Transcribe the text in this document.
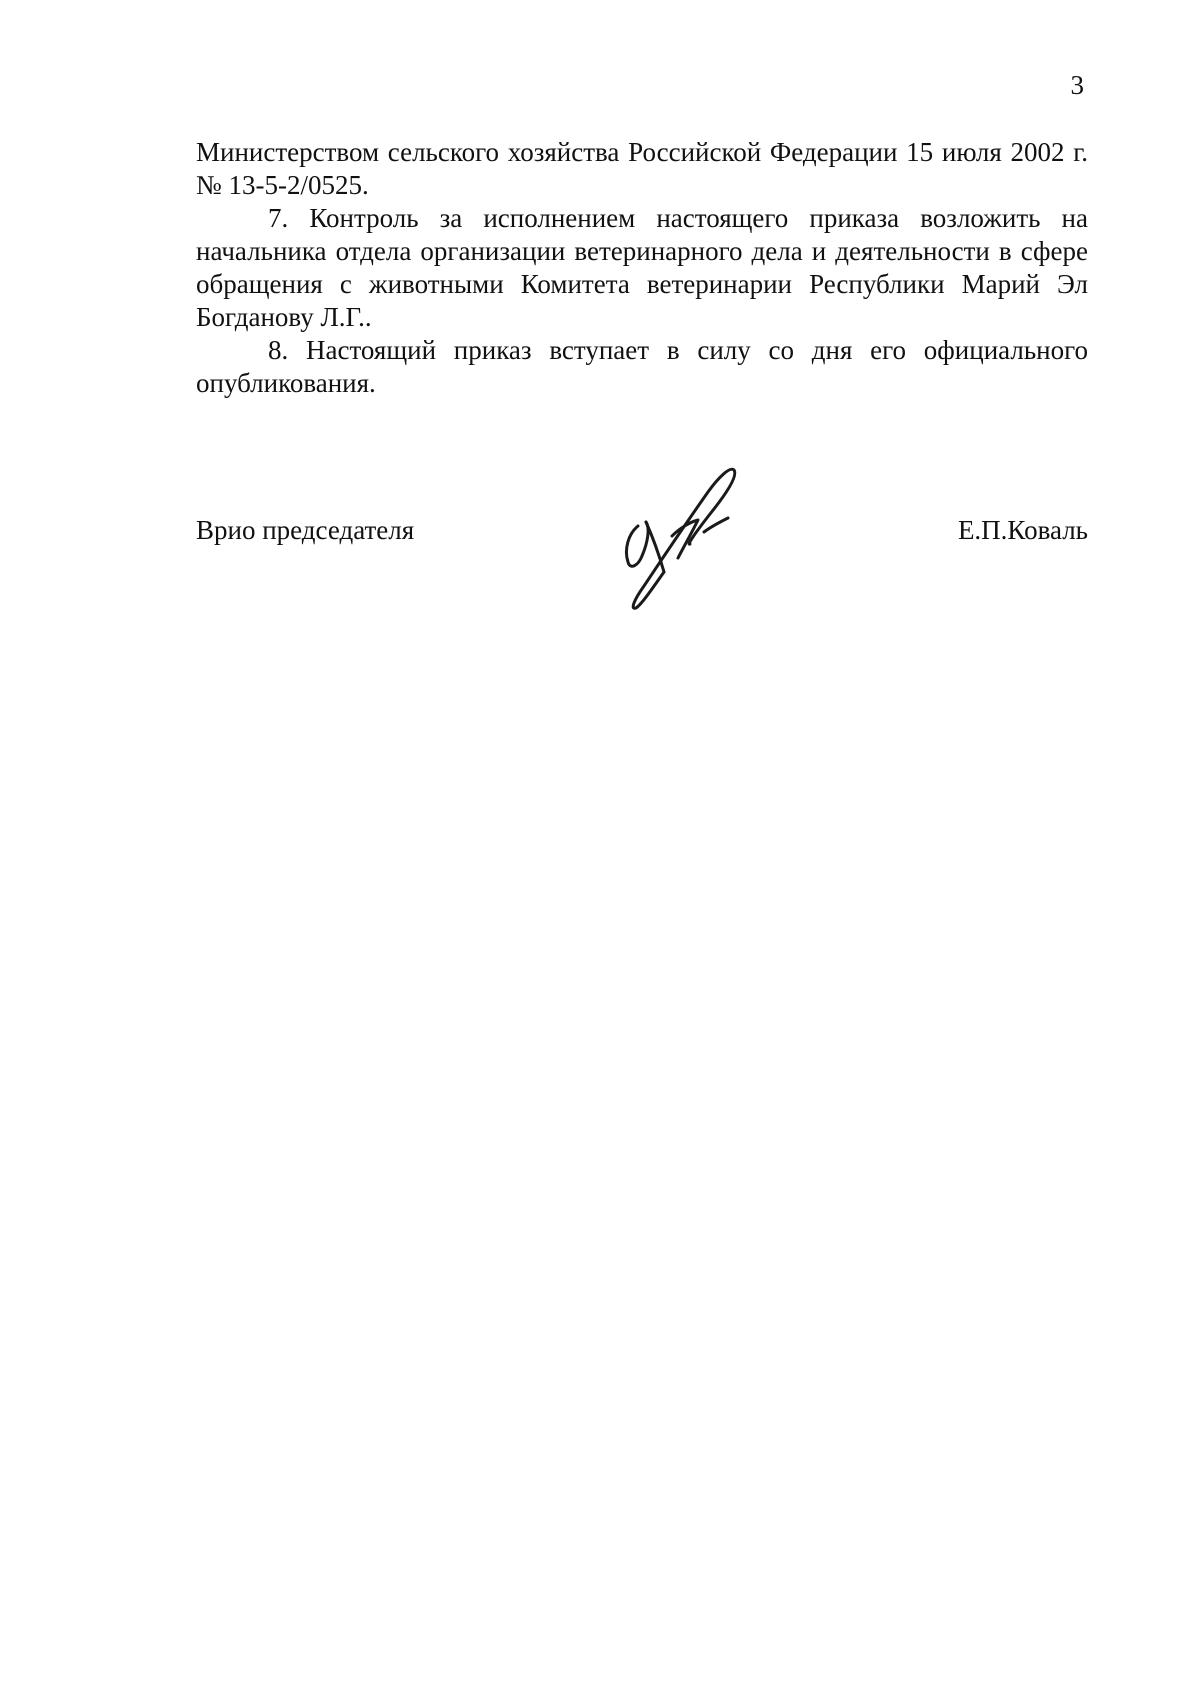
3

Министерством сельского хозяйства Российской Федерации 15 июля 2002 г. № 13-5-2/0525.

7. Контроль за исполнением настоящего приказа возложить на начальника отдела организации ветеринарного дела и деятельности в сфере обращения с животными Комитета ветеринарии Республики Марий Эл Богданову Л.Г..

8. Настоящий приказ вступает в силу со дня его официального опубликования.

Врио председателя	Е.П.Коваль
